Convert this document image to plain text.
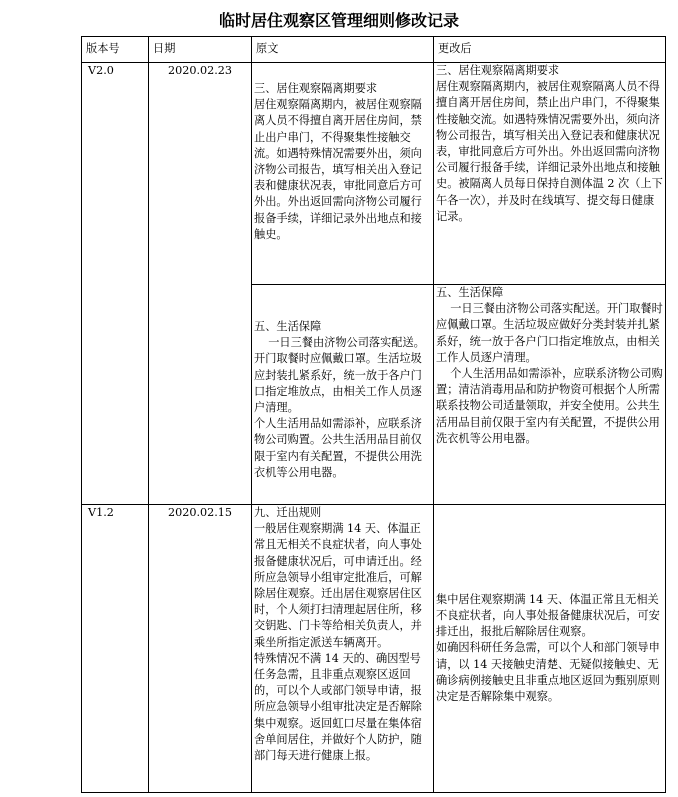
临时居住观察区管理细则修改记录
版本号	日期	原文	更改后
V2.0	2020.02.23	三、居住观察隔离期要求
居住观察隔离期内，被居住观察隔离人员不得擅自离开居住房间，禁止出户串门，不得聚集性接触交流。如遇特殊情况需要外出，须向济物公司报告，填写相关出入登记表和健康状况表，审批同意后方可外出。外出返回需向济物公司履行报备手续，详细记录外出地点和接触史。	三、居住观察隔离期要求
居住观察隔离期内，被居住观察隔离人员不得擅自离开居住房间，禁止出户串门，不得聚集性接触交流。如遇特殊情况需要外出，须向济物公司报告，填写相关出入登记表和健康状况表，审批同意后方可外出。外出返回需向济物公司履行报备手续，详细记录外出地点和接触史。被隔离人员每日保持自测体温 2 次（上下午各一次），并及时在线填写、提交每日健康记录。

		五、生活保障
一日三餐由济物公司落实配送。开门取餐时应佩戴口罩。生活垃圾应封装扎紧系好，统一放于各户门口指定堆放点，由相关工作人员逐户清理。
个人生活用品如需添补，应联系济物公司购置。公共生活用品目前仅限于室内有关配置，不提供公用洗衣机等公用电器。	五、生活保障
一日三餐由济物公司落实配送。开门取餐时应佩戴口罩。生活垃圾应做好分类封装并扎紧系好，统一放于各户门口指定堆放点，由相关工作人员逐户清理。
个人生活用品如需添补，应联系济物公司购置；清洁消毒用品和防护物资可根据个人所需联系技物公司适量领取，并安全使用。公共生活用品目前仅限于室内有关配置，不提供公用洗衣机等公用电器。

V1.2	2020.02.15	九、迁出规则
一般居住观察期满 14 天、体温正常且无相关不良症状者，向人事处报备健康状况后，可申请迁出。经所应急领导小组审定批准后，可解除居住观察。迁出居住观察居住区时，个人须打扫清理起居住所，移交钥匙、门卡等给相关负责人，并乘坐所指定派送车辆离开。
特殊情况不满 14 天的、确因型号任务急需，且非重点观察区返回的，可以个人或部门领导申请，报所应急领导小组审批决定是否解除集中观察。返回虹口尽量在集体宿舍单间居住，并做好个人防护，随部门每天进行健康上报。	集中居住观察期满 14 天、体温正常且无相关不良症状者，向人事处报备健康状况后，可安排迁出，报批后解除居住观察。
如确因科研任务急需，可以个人和部门领导申请，以 14 天接触史清楚、无疑似接触史、无确诊病例接触史且非重点地区返回为甄别原则决定是否解除集中观察。
